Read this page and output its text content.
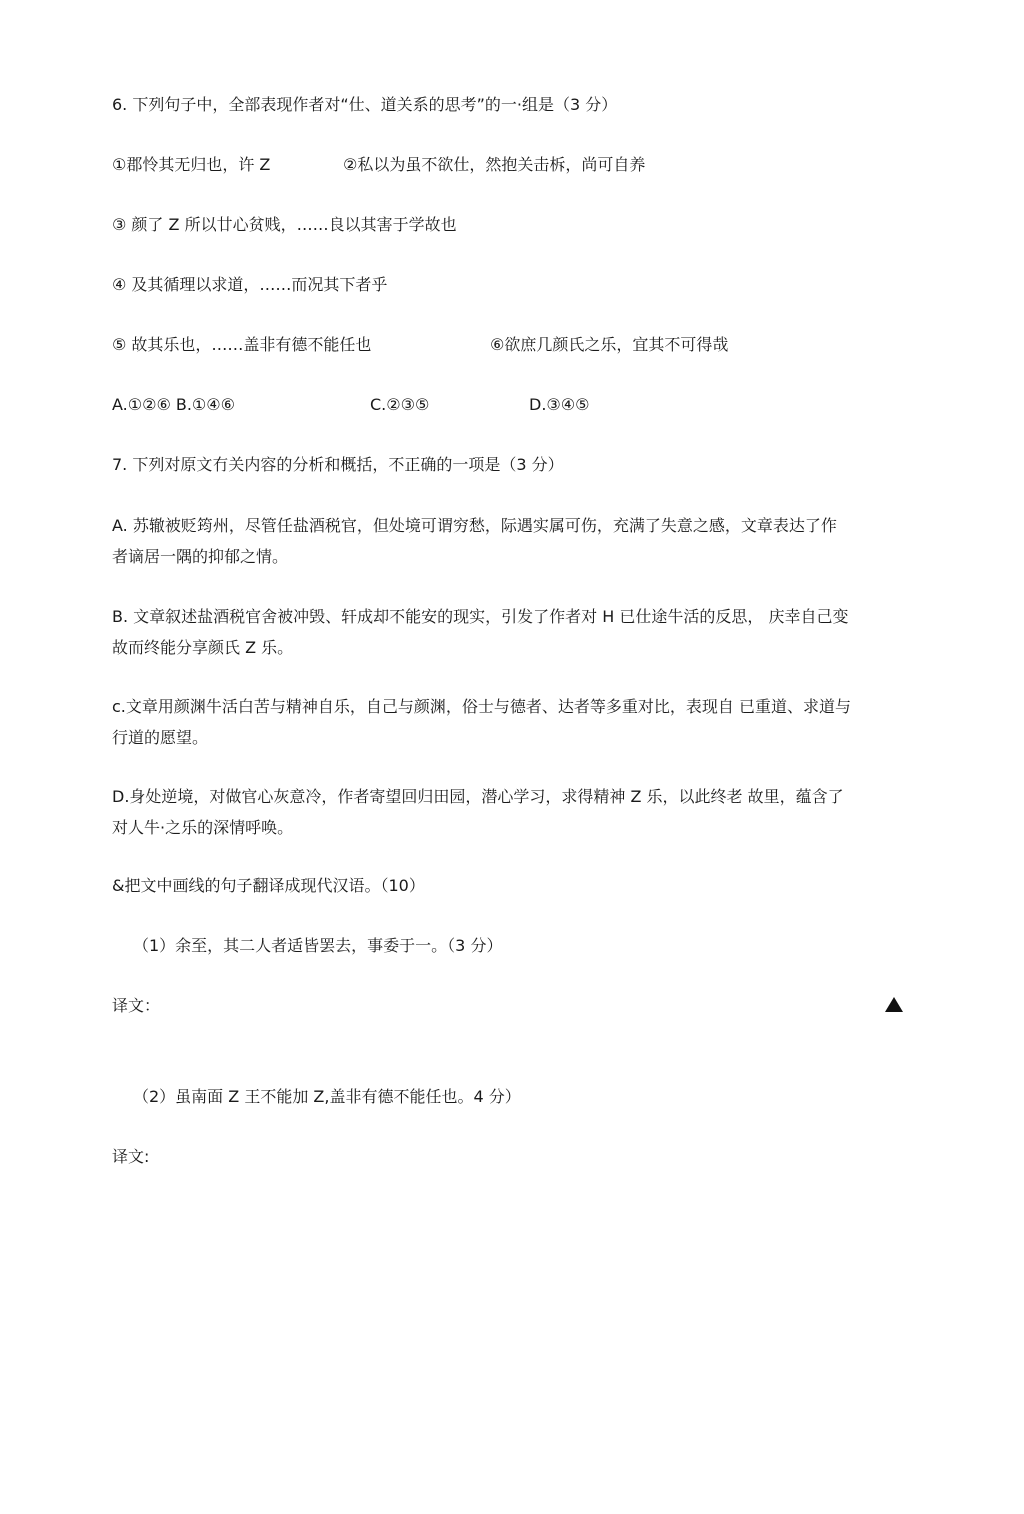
6. 下列句子中，全部表现作者对“仕、道关系的思考”的一·组是（3 分）
①郡怜其无归也，许 Z	②私以为虽不欲仕，然抱关击柝，尚可自养
③ 颜了 Z 所以廿心贫贱，……良以其害于学故也
④ 及其循理以求道，……而况其下者乎
⑤ 故其乐也，……盖非有德不能任也	⑥欲庶几颜氏之乐，宜其不可得哉
A.①②⑥ B.①④⑥	C.②③⑤	D.③④⑤
7. 下列对原文冇关内容的分析和概括，不正确的一项是（3 分）
A. 苏辙被贬筠州，尽管任盐酒税官，但处境可谓穷愁，际遇实属可伤，充满了失意之感，文章表达了作
者谪居一隅的抑郁之情。
B. 文章叙述盐酒税官舍被冲毁、轩成却不能安的现实，引发了作者对 H 已仕途牛活的反思， 庆幸自己变
故而终能分享颜氏 Z 乐。
c.文章用颜渊牛活白苦与精神自乐，自己与颜渊，俗士与德者、达者等多重对比，表现自 已重道、求道与
行道的愿望。
D.身处逆境，对做官心灰意冷，作者寄望回归田园，潜心学习，求得精神 Z 乐，以此终老 故里，蕴含了
对人牛·之乐的深情呼唤。
&把文中画线的句子翻译成现代汉语。（10）
（1）余至，其二人者适皆罢去，事委于一。（3 分）
译文：
（2）虽南面 Z 王不能加 Z,盖非有德不能任也。4 分）
译文:
